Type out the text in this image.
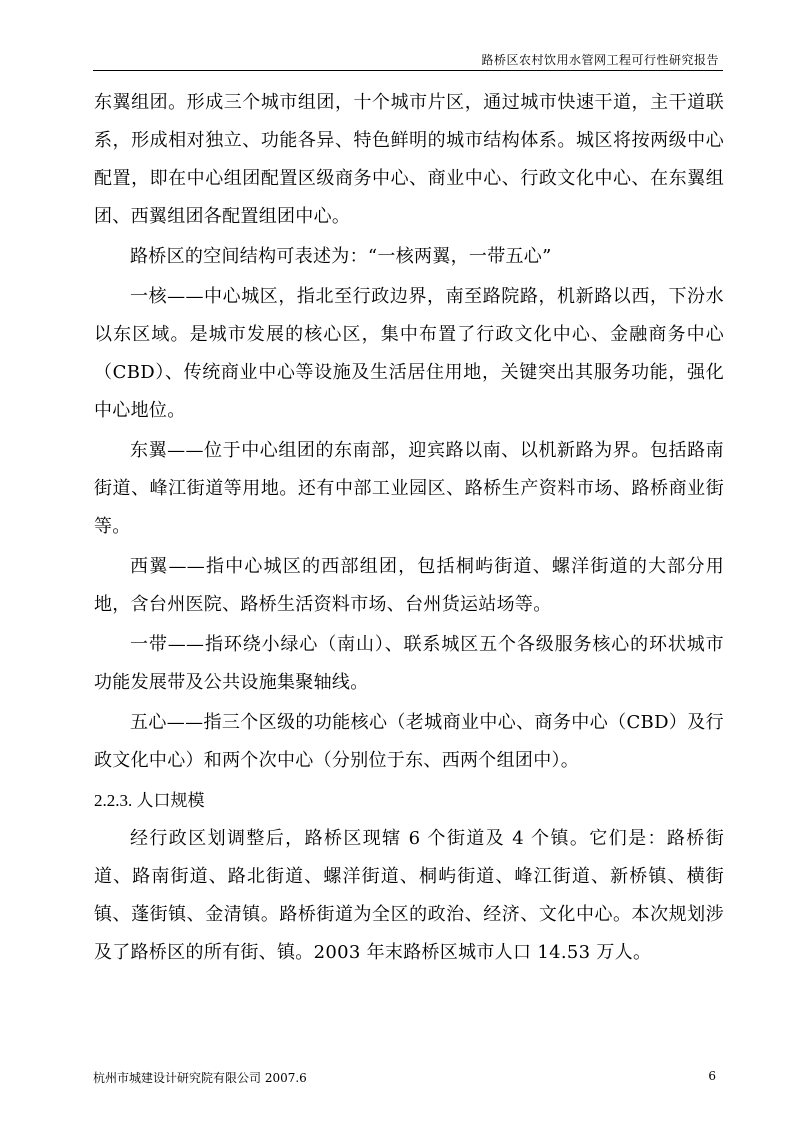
路桥区农村饮用水管网工程可行性研究报告

东翼组团。形成三个城市组团，十个城市片区，通过城市快速干道，主干道联系，形成相对独立、功能各异、特色鲜明的城市结构体系。城区将按两级中心配置，即在中心组团配置区级商务中心、商业中心、行政文化中心、在东翼组团、西翼组团各配置组团中心。

路桥区的空间结构可表述为：“一核两翼，一带五心”

一核——中心城区，指北至行政边界，南至路院路，机新路以西，下汾水以东区域。是城市发展的核心区，集中布置了行政文化中心、金融商务中心（CBD）、传统商业中心等设施及生活居住用地，关键突出其服务功能，强化中心地位。

东翼——位于中心组团的东南部，迎宾路以南、以机新路为界。包括路南街道、峰江街道等用地。还有中部工业园区、路桥生产资料市场、路桥商业街等。

西翼——指中心城区的西部组团，包括桐屿街道、螺洋街道的大部分用地，含台州医院、路桥生活资料市场、台州货运站场等。

一带——指环绕小绿心（南山）、联系城区五个各级服务核心的环状城市功能发展带及公共设施集聚轴线。

五心——指三个区级的功能核心（老城商业中心、商务中心（CBD）及行政文化中心）和两个次中心（分别位于东、西两个组团中）。

2.2.3. 人口规模

经行政区划调整后，路桥区现辖 6 个街道及 4 个镇。它们是：路桥街道、路南街道、路北街道、螺洋街道、桐屿街道、峰江街道、新桥镇、横街镇、蓬街镇、金清镇。路桥街道为全区的政治、经济、文化中心。本次规划涉及了路桥区的所有街、镇。2003 年末路桥区城市人口 14.53 万人。

杭州市城建设计研究院有限公司 2007.6	6
